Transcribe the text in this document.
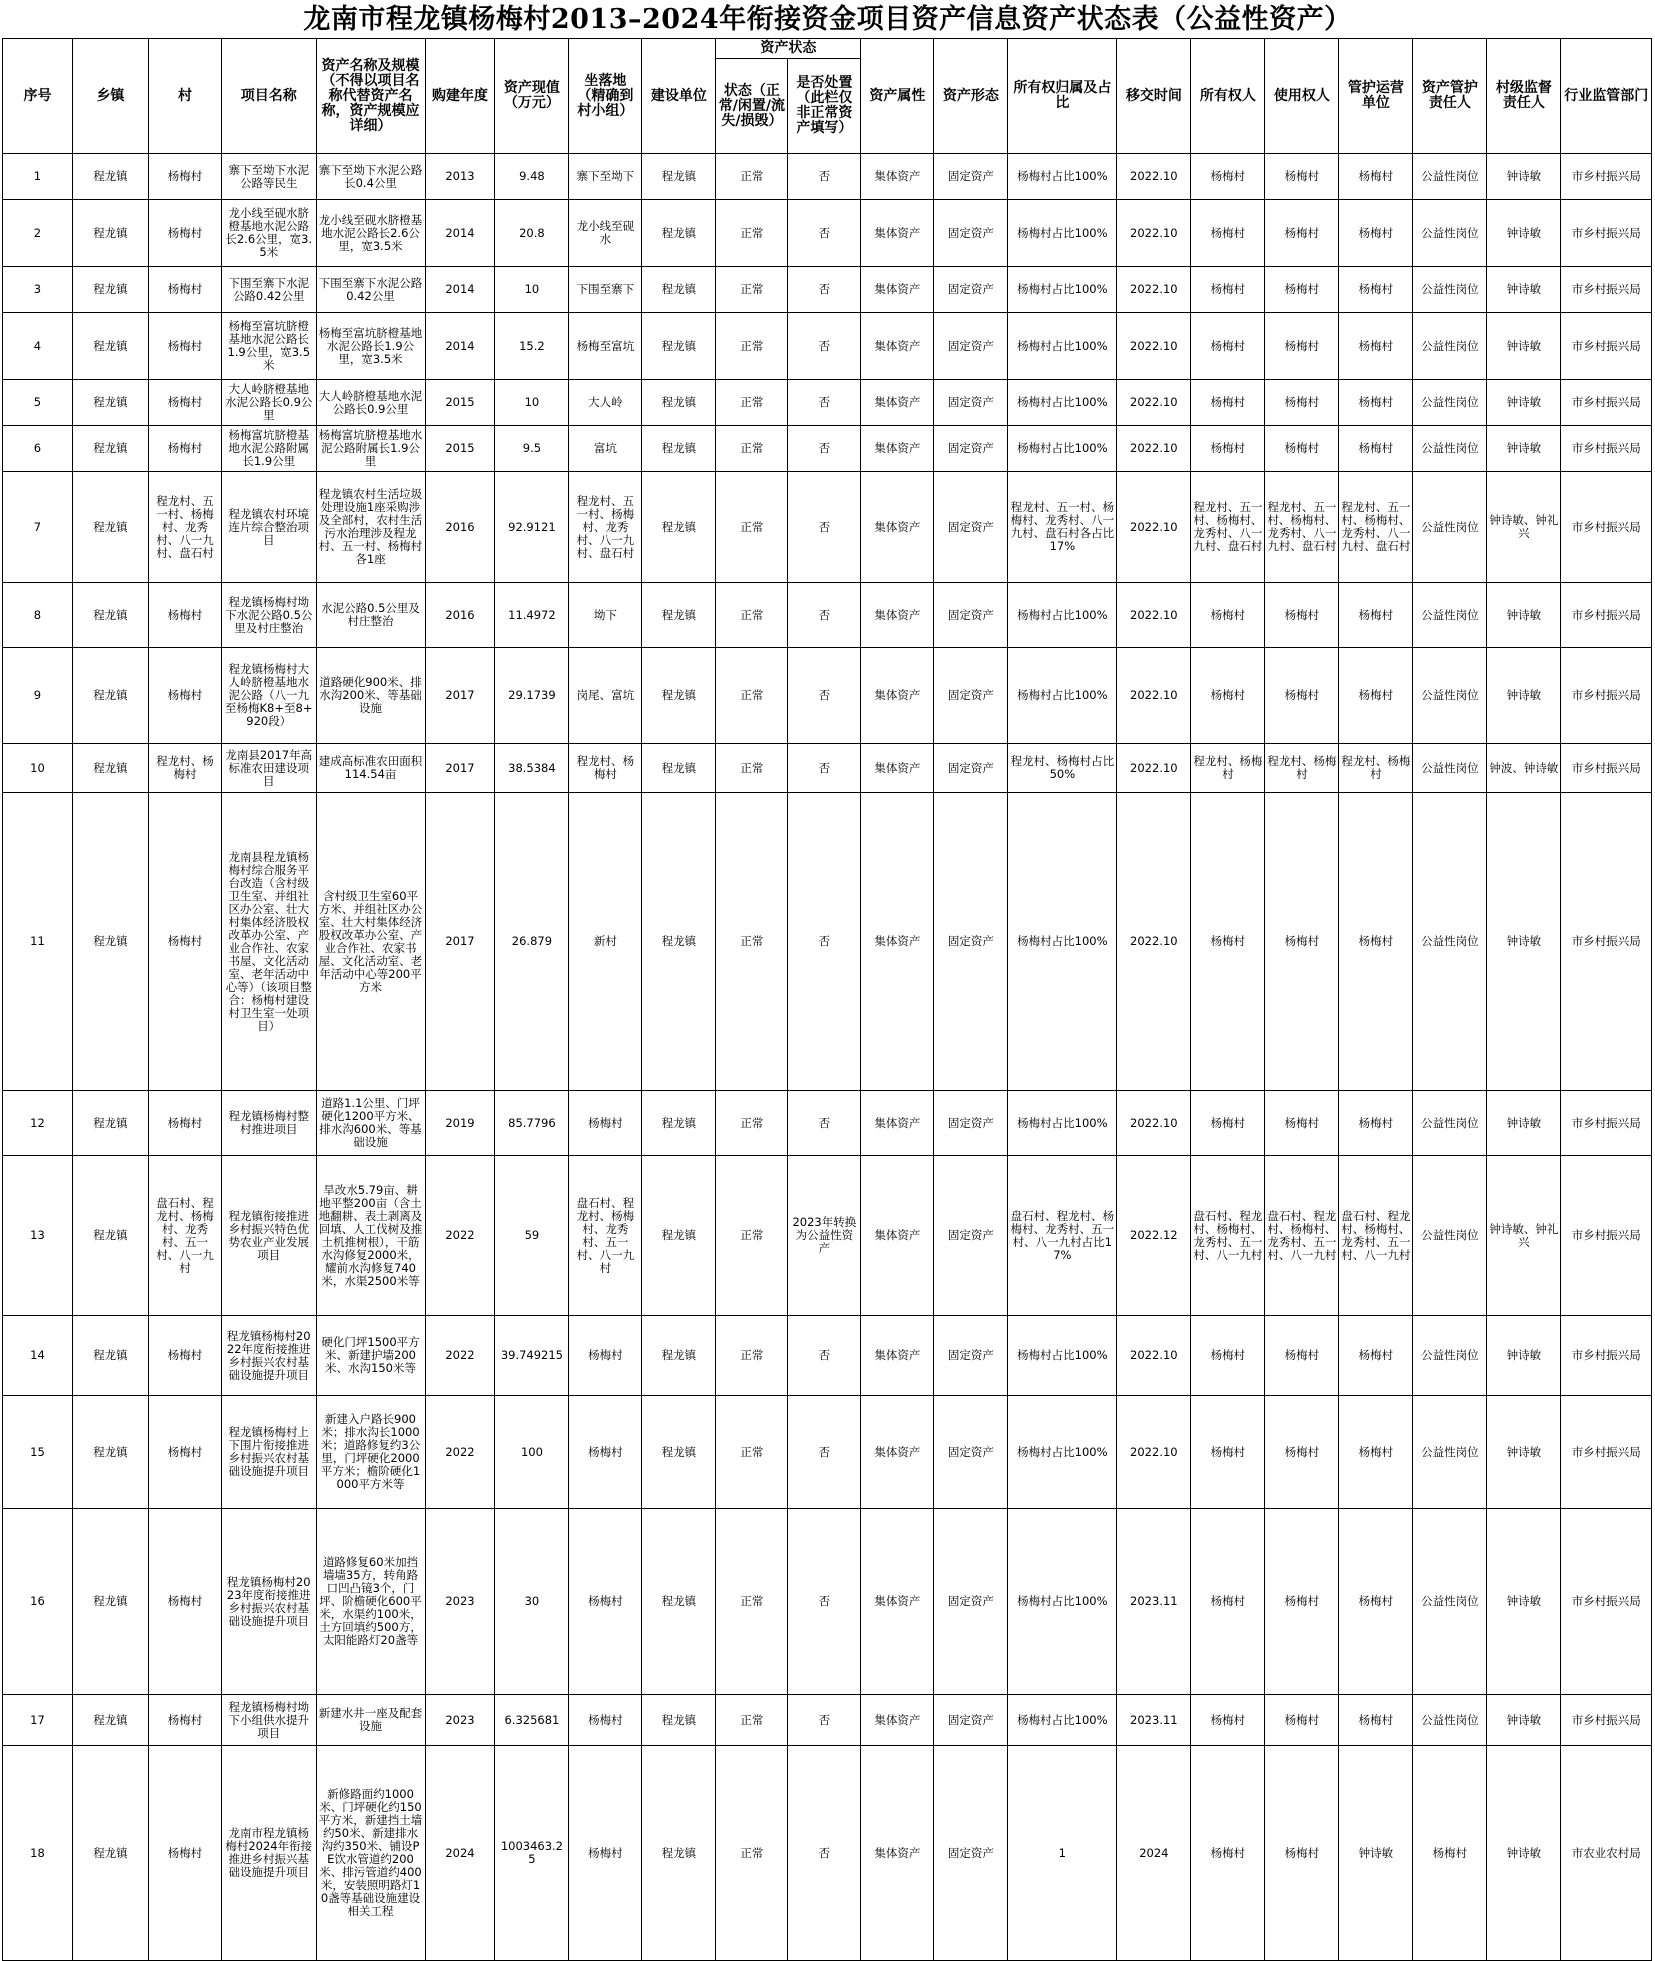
龙南市程龙镇杨梅村2013–2024年衔接资金项目资产信息资产状态表（公益性资产）
序号	乡镇	村	项目名称	资产名称及规模（不得以项目名称代替资产名称，资产规模应详细）	购建年度	资产现值（万元）	坐落地（精确到村小组）	建设单位	资产状态		资产属性	资产形态	所有权归属及占比	移交时间	所有权人	使用权人	管护运营单位	资产管护责任人	村级监督责任人	行业监管部门
									状态（正常/闲置/流失/损毁）	是否处置（此栏仅非正常资产填写）										
1	程龙镇	杨梅村	寨下至坳下水泥公路等民生	寨下至坳下水泥公路长0.4公里	2013	9.48	寨下至坳下	程龙镇	正常	否	集体资产	固定资产	杨梅村占比100%	2022.10	杨梅村	杨梅村	杨梅村	公益性岗位	钟诗敏	市乡村振兴局
2	程龙镇	杨梅村	龙小线至砚水脐橙基地水泥公路长2.6公里，宽3.5米	龙小线至砚水脐橙基地水泥公路长2.6公里，宽3.5米	2014	20.8	龙小线至砚水	程龙镇	正常	否	集体资产	固定资产	杨梅村占比100%	2022.10	杨梅村	杨梅村	杨梅村	公益性岗位	钟诗敏	市乡村振兴局
3	程龙镇	杨梅村	下围至寨下水泥公路0.42公里	下围至寨下水泥公路0.42公里	2014	10	下围至寨下	程龙镇	正常	否	集体资产	固定资产	杨梅村占比100%	2022.10	杨梅村	杨梅村	杨梅村	公益性岗位	钟诗敏	市乡村振兴局
4	程龙镇	杨梅村	杨梅至富坑脐橙基地水泥公路长1.9公里，宽3.5米	杨梅至富坑脐橙基地水泥公路长1.9公里，宽3.5米	2014	15.2	杨梅至富坑	程龙镇	正常	否	集体资产	固定资产	杨梅村占比100%	2022.10	杨梅村	杨梅村	杨梅村	公益性岗位	钟诗敏	市乡村振兴局
5	程龙镇	杨梅村	大人岭脐橙基地水泥公路长0.9公里	大人岭脐橙基地水泥公路长0.9公里	2015	10	大人岭	程龙镇	正常	否	集体资产	固定资产	杨梅村占比100%	2022.10	杨梅村	杨梅村	杨梅村	公益性岗位	钟诗敏	市乡村振兴局
6	程龙镇	杨梅村	杨梅富坑脐橙基地水泥公路附属长1.9公里	杨梅富坑脐橙基地水泥公路附属长1.9公里	2015	9.5	富坑	程龙镇	正常	否	集体资产	固定资产	杨梅村占比100%	2022.10	杨梅村	杨梅村	杨梅村	公益性岗位	钟诗敏	市乡村振兴局
7	程龙镇	程龙村、五一村、杨梅村、龙秀村、八一九村、盘石村	程龙镇农村环境连片综合整治项目	程龙镇农村生活垃圾处理设施1座采购涉及全部村，农村生活污水治理涉及程龙村、五一村、杨梅村各1座	2016	92.9121	程龙村、五一村、杨梅村、龙秀村、八一九村、盘石村	程龙镇	正常	否	集体资产	固定资产	程龙村、五一村、杨梅村、龙秀村、八一九村、盘石村各占比17%	2022.10	程龙村、五一村、杨梅村、龙秀村、八一九村、盘石村	程龙村、五一村、杨梅村、龙秀村、八一九村、盘石村	程龙村、五一村、杨梅村、龙秀村、八一九村、盘石村	公益性岗位	钟诗敏、钟礼兴	市乡村振兴局
8	程龙镇	杨梅村	程龙镇杨梅村坳下水泥公路0.5公里及村庄整治	水泥公路0.5公里及村庄整治	2016	11.4972	坳下	程龙镇	正常	否	集体资产	固定资产	杨梅村占比100%	2022.10	杨梅村	杨梅村	杨梅村	公益性岗位	钟诗敏	市乡村振兴局
9	程龙镇	杨梅村	程龙镇杨梅村大人岭脐橙基地水泥公路（八一九至杨梅K8+至8+920段）	道路硬化900米、排水沟200米、等基础设施	2017	29.1739	岗尾、富坑	程龙镇	正常	否	集体资产	固定资产	杨梅村占比100%	2022.10	杨梅村	杨梅村	杨梅村	公益性岗位	钟诗敏	市乡村振兴局
10	程龙镇	程龙村、杨梅村	龙南县2017年高标准农田建设项目	建成高标准农田面积114.54亩	2017	38.5384	程龙村、杨梅村	程龙镇	正常	否	集体资产	固定资产	程龙村、杨梅村占比50%	2022.10	程龙村、杨梅村	程龙村、杨梅村	程龙村、杨梅村	公益性岗位	钟波、钟诗敏	市乡村振兴局
11	程龙镇	杨梅村	龙南县程龙镇杨梅村综合服务平台改造（含村级卫生室、并组社区办公室、壮大村集体经济股权改革办公室、产业合作社、农家书屋、文化活动室、老年活动中心等）（该项目整合：杨梅村建设村卫生室一处项目）	含村级卫生室60平方米、并组社区办公室、壮大村集体经济股权改革办公室、产业合作社、农家书屋、文化活动室、老年活动中心等200平方米	2017	26.879	新村	程龙镇	正常	否	集体资产	固定资产	杨梅村占比100%	2022.10	杨梅村	杨梅村	杨梅村	公益性岗位	钟诗敏	市乡村振兴局
12	程龙镇	杨梅村	程龙镇杨梅村整村推进项目	道路1.1公里、门坪硬化1200平方米、排水沟600米、等基础设施	2019	85.7796	杨梅村	程龙镇	正常	否	集体资产	固定资产	杨梅村占比100%	2022.10	杨梅村	杨梅村	杨梅村	公益性岗位	钟诗敏	市乡村振兴局
13	程龙镇	盘石村、程龙村、杨梅村、龙秀村、五一村、八一九村	程龙镇衔接推进乡村振兴特色优势农业产业发展项目	旱改水5.79亩、耕地平整200亩（含土地翻耕、表土剥离及回填、人工伐树及推土机推树根），干筋水沟修复2000米，耀前水沟修复740米，水渠2500米等	2022	59	盘石村、程龙村、杨梅村、龙秀村、五一村、八一九村	程龙镇	正常	2023年转换为公益性资产	集体资产	固定资产	盘石村、程龙村、杨梅村、龙秀村、五一村、八一九村占比17%	2022.12	盘石村、程龙村、杨梅村、龙秀村、五一村、八一九村	盘石村、程龙村、杨梅村、龙秀村、五一村、八一九村	盘石村、程龙村、杨梅村、龙秀村、五一村、八一九村	公益性岗位	钟诗敏、钟礼兴	市乡村振兴局
14	程龙镇	杨梅村	程龙镇杨梅村2022年度衔接推进乡村振兴农村基础设施提升项目	硬化门坪1500平方米、新建护墙200米、水沟150米等	2022	39.749215	杨梅村	程龙镇	正常	否	集体资产	固定资产	杨梅村占比100%	2022.10	杨梅村	杨梅村	杨梅村	公益性岗位	钟诗敏	市乡村振兴局
15	程龙镇	杨梅村	程龙镇杨梅村上下围片衔接推进乡村振兴农村基础设施提升项目	新建入户路长900米；排水沟长1000米；道路修复约3公里，门坪硬化2000平方米；檐阶硬化1000平方米等	2022	100	杨梅村	程龙镇	正常	否	集体资产	固定资产	杨梅村占比100%	2022.10	杨梅村	杨梅村	杨梅村	公益性岗位	钟诗敏	市乡村振兴局
16	程龙镇	杨梅村	程龙镇杨梅村2023年度衔接推进乡村振兴农村基础设施提升项目	道路修复60米加挡墙墙35方，转角路口凹凸镜3个，门坪、阶檐硬化600平米，水渠约100米，土方回填约500方，太阳能路灯20盏等	2023	30	杨梅村	程龙镇	正常	否	集体资产	固定资产	杨梅村占比100%	2023.11	杨梅村	杨梅村	杨梅村	公益性岗位	钟诗敏	市乡村振兴局
17	程龙镇	杨梅村	程龙镇杨梅村坳下小组供水提升项目	新建水井一座及配套设施	2023	6.325681	杨梅村	程龙镇	正常	否	集体资产	固定资产	杨梅村占比100%	2023.11	杨梅村	杨梅村	杨梅村	公益性岗位	钟诗敏	市乡村振兴局
18	程龙镇	杨梅村	龙南市程龙镇杨梅村2024年衔接推进乡村振兴基础设施提升项目	新修路面约1000米、门坪硬化约150平方米，新建挡土墙约50米、新建排水沟约350米、铺设PE饮水管道约200米、排污管道约400米，安装照明路灯10盏等基础设施建设相关工程	2024	1003463.25	杨梅村	程龙镇	正常	否	集体资产	固定资产	1	2024	杨梅村	杨梅村	钟诗敏	杨梅村	钟诗敏	市农业农村局
